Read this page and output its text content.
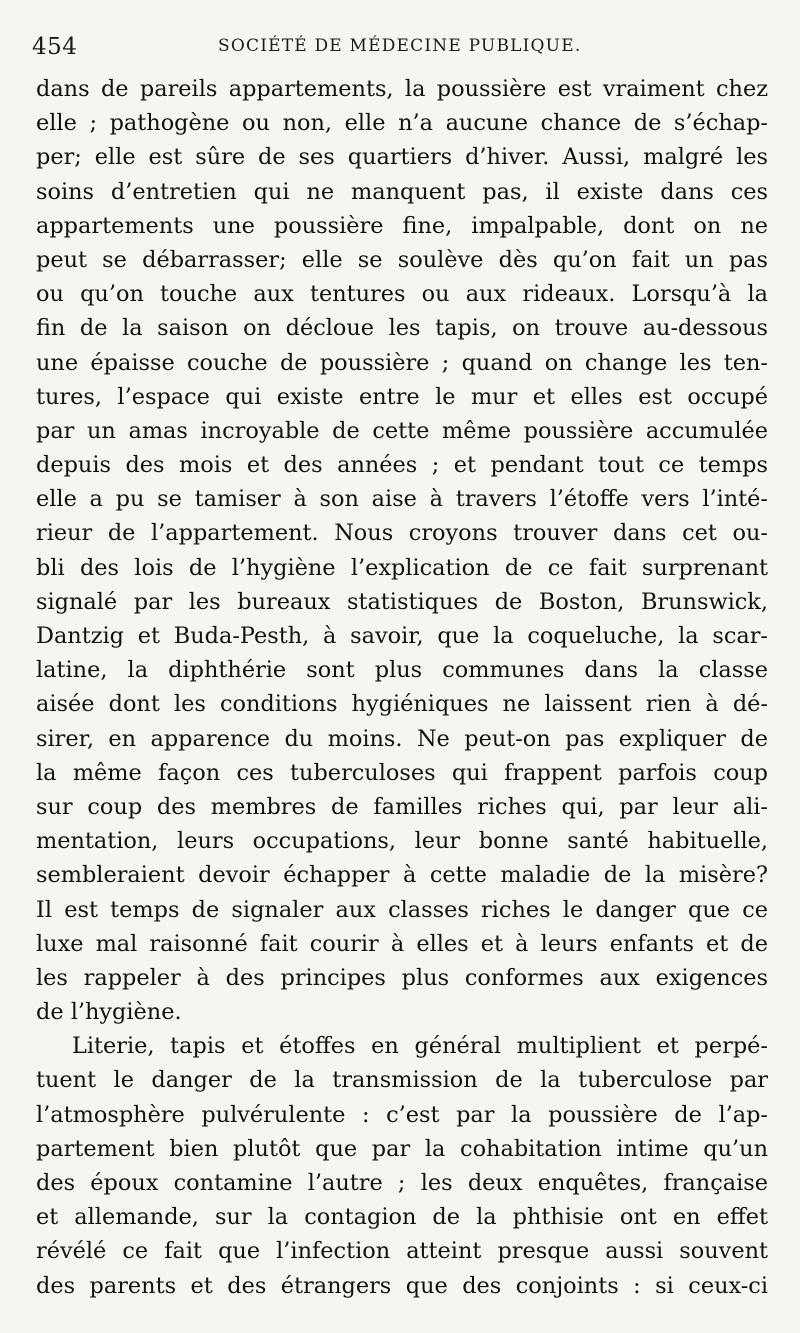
454	SOCIÉTÉ DE MÉDECINE PUBLIQUE.
dans de pareils appartements, la poussière est vraiment chez
elle ; pathogène ou non, elle n’a aucune chance de s’échap-
per; elle est sûre de ses quartiers d’hiver. Aussi, malgré les
soins d’entretien qui ne manquent pas, il existe dans ces
appartements une poussière fine, impalpable, dont on ne
peut se débarrasser; elle se soulève dès qu’on fait un pas
ou qu’on touche aux tentures ou aux rideaux. Lorsqu’à la
fin de la saison on décloue les tapis, on trouve au-dessous
une épaisse couche de poussière ; quand on change les ten-
tures, l’espace qui existe entre le mur et elles est occupé
par un amas incroyable de cette même poussière accumulée
depuis des mois et des années ; et pendant tout ce temps
elle a pu se tamiser à son aise à travers l’étoffe vers l’inté-
rieur de l’appartement. Nous croyons trouver dans cet ou-
bli des lois de l’hygiène l’explication de ce fait surprenant
signalé par les bureaux statistiques de Boston, Brunswick,
Dantzig et Buda-Pesth, à savoir, que la coqueluche, la scar-
latine, la diphthérie sont plus communes dans la classe
aisée dont les conditions hygiéniques ne laissent rien à dé-
sirer, en apparence du moins. Ne peut-on pas expliquer de
la même façon ces tuberculoses qui frappent parfois coup
sur coup des membres de familles riches qui, par leur ali-
mentation, leurs occupations, leur bonne santé habituelle,
sembleraient devoir échapper à cette maladie de la misère?
Il est temps de signaler aux classes riches le danger que ce
luxe mal raisonné fait courir à elles et à leurs enfants et de
les rappeler à des principes plus conformes aux exigences
de l’hygiène.
Literie, tapis et étoffes en général multiplient et perpé-
tuent le danger de la transmission de la tuberculose par
l’atmosphère pulvérulente : c’est par la poussière de l’ap-
partement bien plutôt que par la cohabitation intime qu’un
des époux contamine l’autre ; les deux enquêtes, française
et allemande, sur la contagion de la phthisie ont en effet
révélé ce fait que l’infection atteint presque aussi souvent
des parents et des étrangers que des conjoints : si ceux-ci
